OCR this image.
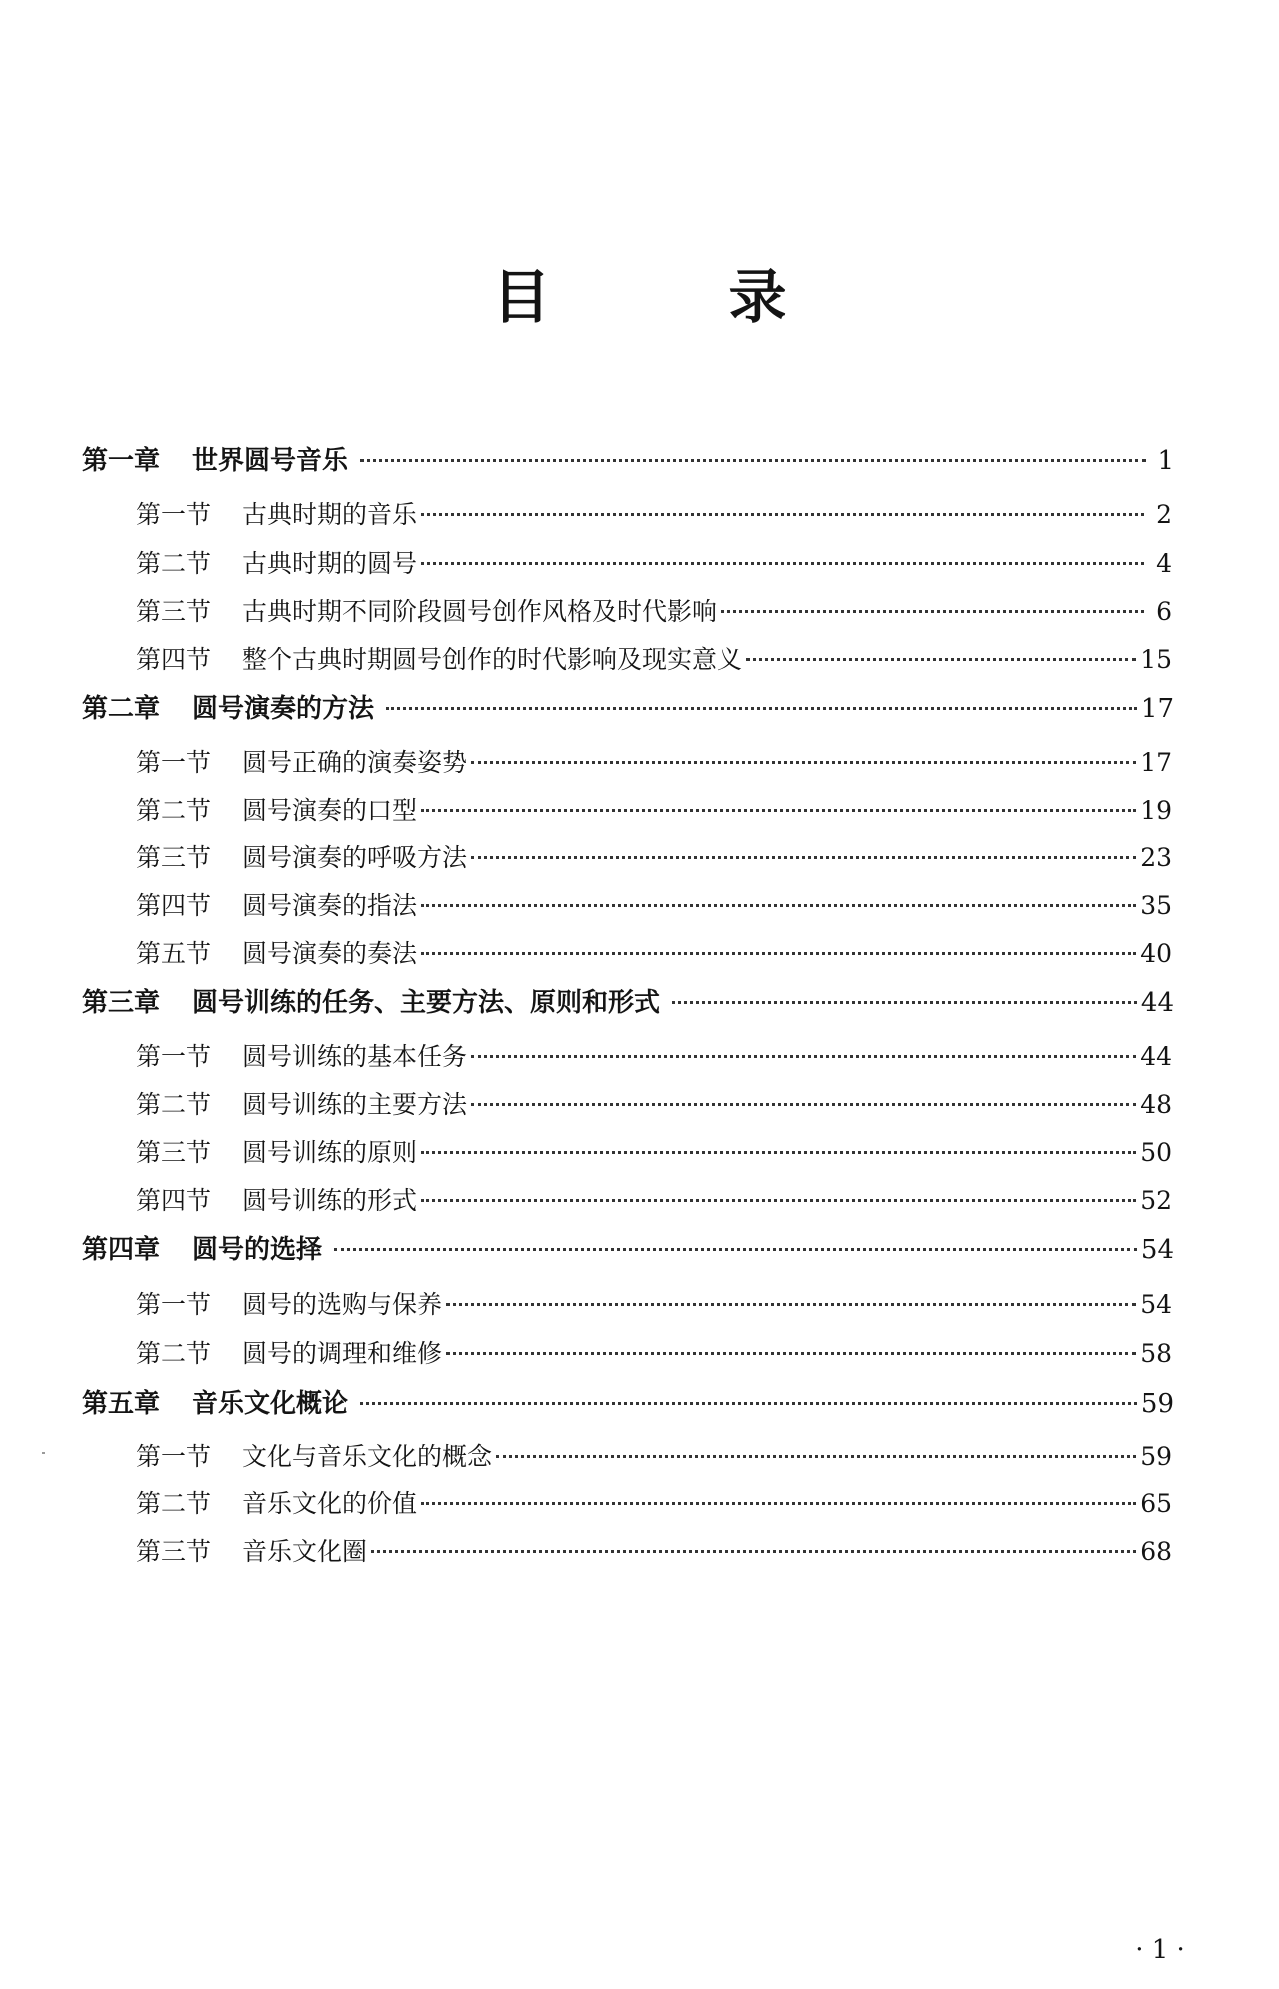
目　录
第一章	世界圆号音乐	1
第一节	古典时期的音乐	2
第二节	古典时期的圆号	4
第三节	古典时期不同阶段圆号创作风格及时代影响	6
第四节	整个古典时期圆号创作的时代影响及现实意义	15
第二章	圆号演奏的方法	17
第一节	圆号正确的演奏姿势	17
第二节	圆号演奏的口型	19
第三节	圆号演奏的呼吸方法	23
第四节	圆号演奏的指法	35
第五节	圆号演奏的奏法	40
第三章	圆号训练的任务、主要方法、原则和形式	44
第一节	圆号训练的基本任务	44
第二节	圆号训练的主要方法	48
第三节	圆号训练的原则	50
第四节	圆号训练的形式	52
第四章	圆号的选择	54
第一节	圆号的选购与保养	54
第二节	圆号的调理和维修	58
第五章	音乐文化概论	59
第一节	文化与音乐文化的概念	59
第二节	音乐文化的价值	65
第三节	音乐文化圈	68
· 1 ·
